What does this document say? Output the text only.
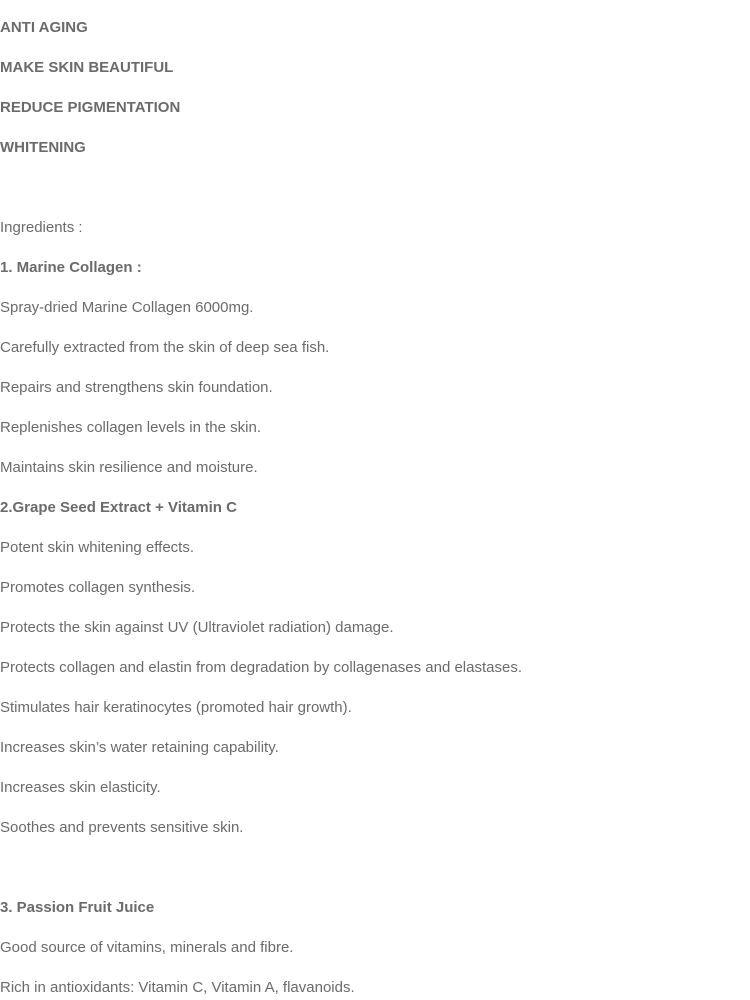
ANTI AGING

MAKE SKIN BEAUTIFUL

REDUCE PIGMENTATION

WHITENING

Ingredients :

1. Marine Collagen :

Spray-dried Marine Collagen 6000mg.

Carefully extracted from the skin of deep sea fish.

Repairs and strengthens skin foundation.

Replenishes collagen levels in the skin.

Maintains skin resilience and moisture.

2.Grape Seed Extract + Vitamin C

Potent skin whitening effects.

Promotes collagen synthesis.

Protects the skin against UV (Ultraviolet radiation) damage.

Protects collagen and elastin from degradation by collagenases and elastases.

Stimulates hair keratinocytes (promoted hair growth).

Increases skin’s water retaining capability.

Increases skin elasticity.

Soothes and prevents sensitive skin.

3. Passion Fruit Juice

Good source of vitamins, minerals and fibre.

Rich in antioxidants: Vitamin C, Vitamin A, flavanoids.
